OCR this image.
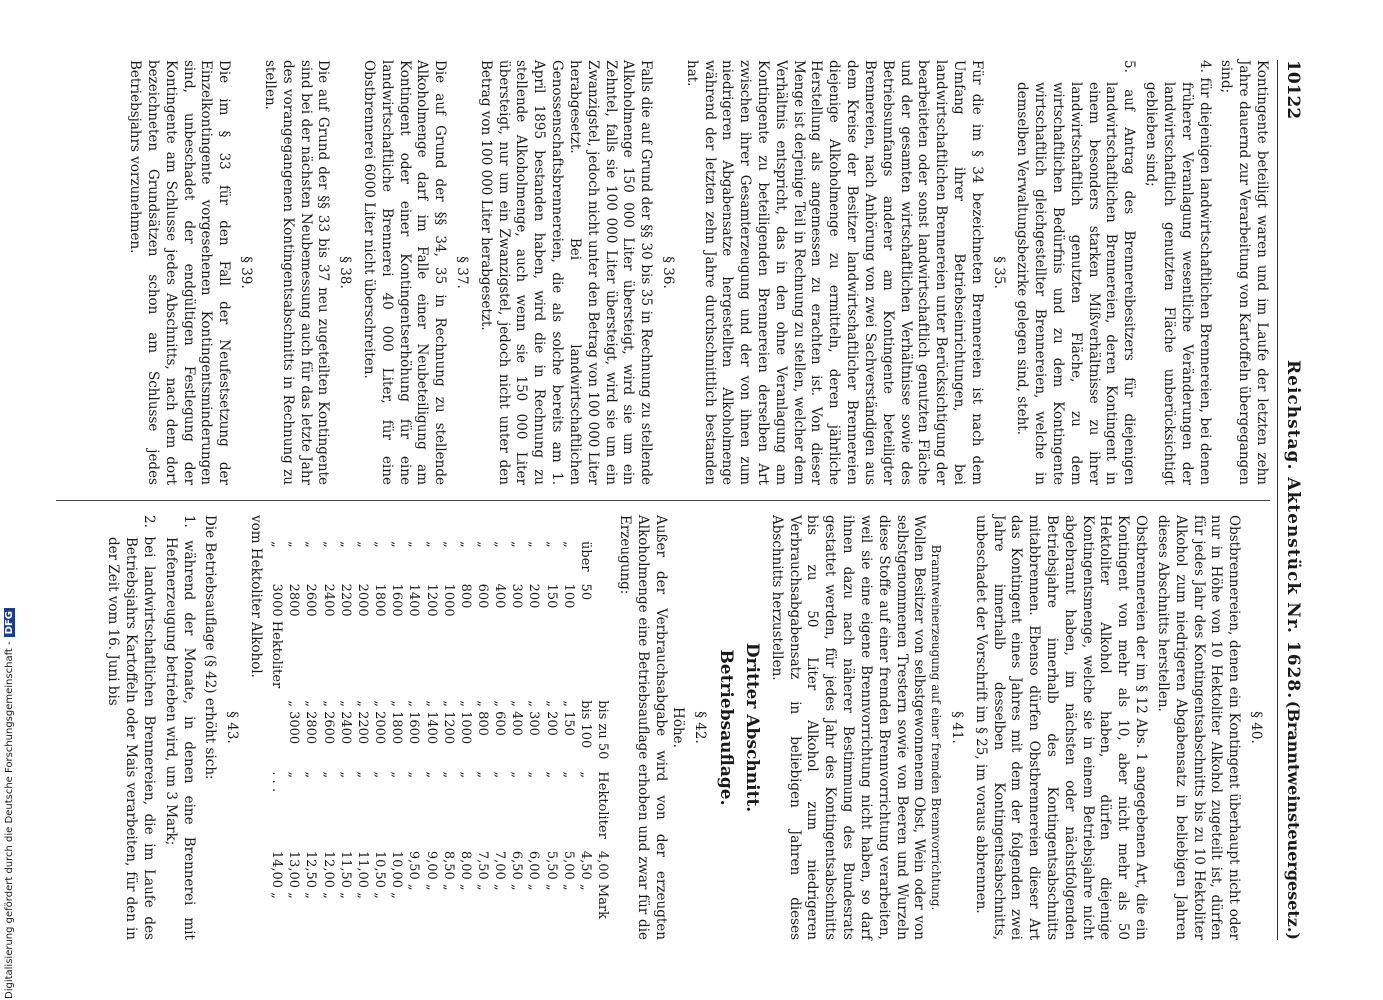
10122
Reichstag. Aktenstück Nr. 1628.
(Branntweinsteuergesetz.)

Kontingente beteiligt waren und im Laufe der letzten zehn Jahre dauernd zur Verarbeitung von Kartoffeln übergegangen sind;

4. für diejenigen landwirtschaftlichen Brennereien, bei denen früherer Veranlagung wesentliche Veränderungen der landwirtschaftlich genutzten Fläche unberücksichtigt geblieben sind;

5. auf Antrag des Brennereibesitzers für diejenigen landwirtschaftlichen Brennereien, deren Kontingent in einem besonders starken Mißverhältnisse zu ihrer landwirtschaftlich genutzten Fläche, zu dem wirtschaftlichen Bedürfnis und zu dem Kontingente wirtschaftlich gleichgestellter Brennereien, welche in demselben Verwaltungsbezirke gelegen sind, steht.

§ 35.

Für die im § 34 bezeichneten Brennereien ist nach dem Umfang ihrer Betriebseinrichtungen, bei landwirtschaftlichen Brennereien unter Berücksichtigung der bearbeiteten oder sonst landwirtschaftlich genutzten Fläche und der gesamten wirtschaftlichen Verhältnisse sowie des Betriebsumfangs anderer am Kontingente beteiligter Brennereien, nach Anhörung von zwei Sachverständigen aus dem Kreise der Besitzer landwirtschaftlicher Brennereien diejenige Alkoholmenge zu ermitteln, deren jährliche Herstellung als angemessen zu erachten ist. Von dieser Menge ist derjenige Teil in Rechnung zu stellen, welcher dem Verhältnis entspricht, das in den ohne Veranlagung am Kontingente zu beteiligenden Brennereien derselben Art zwischen ihrer Gesamterzeugung und der von ihnen zum niedrigeren Abgabensatze hergestellten Alkoholmenge während der letzten zehn Jahre durchschnittlich bestanden hat.

§ 36.

Falls die auf Grund der §§ 30 bis 35 in Rechnung zu stellende Alkoholmenge 150 000 Liter übersteigt, wird sie um ein Zehntel, falls sie 100 000 Liter übersteigt, wird sie um ein Zwanzigstel, jedoch nicht unter den Betrag von 100 000 Liter herabgesetzt. Bei landwirtschaftlichen Genossenschaftsbrennereien, die als solche bereits am 1. April 1895 bestanden haben, wird die in Rechnung zu stellende Alkoholmenge, auch wenn sie 150 000 Liter übersteigt, nur um ein Zwanzigstel, jedoch nicht unter den Betrag von 100 000 Liter herabgesetzt.

§ 37.

Die auf Grund der §§ 34, 35 in Rechnung zu stellende Alkoholmenge darf im Falle einer Neubeteiligung am Kontingent oder einer Kontingentserhöhung für eine landwirtschaftliche Brennerei 40 000 Liter, für eine Obstbrennerei 6000 Liter nicht überschreiten.

§ 38.

Die auf Grund der §§ 33 bis 37 neu zugeteilten Kontingente sind bei der nächsten Neubemessung auch für das letzte Jahr des vorangegangenen Kontingentsabschnitts in Rechnung zu stellen.

§ 39.

Die im § 33 für den Fall der Neufestsetzung der Einzelkontingente vorgesehenen Kontingentsminderungen sind, unbeschadet der endgültigen Festlegung der Kontingente am Schlusse jedes Abschnitts, nach dem dort bezeichneten Grundsätzen schon am Schlusse jedes Betriebsjahrs vorzunehmen.

§ 40.

Obstbrennereien, denen ein Kontingent überhaupt nicht oder nur in Höhe von 10 Hektoliter Alkohol zugeteilt ist, dürfen für jedes Jahr des Kontingentsabschnitts bis zu 10 Hektoliter Alkohol zum niedrigeren Abgabensatz in beliebigen Jahren dieses Abschnitts herstellen.

Obstbrennereien der im § 12 Abs. 1 angegebenen Art, die ein Kontingent von mehr als 10, aber nicht mehr als 50 Hektoliter Alkohol haben, dürfen diejenige Kontingentsmenge, welche sie in einem Betriebsjahre nicht abgebrannt haben, im nächsten oder nächstfolgenden Betriebsjahre innerhalb des Kontingentsabschnitts mitabbrennen. Ebenso dürfen Obstbrennereien dieser Art das Kontingent eines Jahres mit dem der folgenden zwei Jahre innerhalb desselben Kontingentsabschnitts, unbeschadet der Vorschrift im § 25, im voraus abbrennen.

§ 41.
Branntweinerzeugung auf einer fremden Brennvorrichtung.

Wollen Besitzer von selbstgewonnenem Obst, Wein oder von selbstgenommenen Trestern sowie von Beeren und Wurzeln diese Stoffe auf einer fremden Brennvorrichtung verarbeiten, weil sie eine eigene Brennvorrichtung nicht haben, so darf ihnen dazu nach näherer Bestimmung des Bundesrats gestattet werden, für jedes Jahr des Kontingentsabschnitts bis zu 50 Liter Alkohol zum niedrigeren Verbrauchsabgabensatz in beliebigen Jahren dieses Abschnitts herzustellen.

Dritter Abschnitt.
Betriebsauflage.
§ 42.
Höhe.

Außer der Verbrauchsabgabe wird von der erzeugten Alkoholmenge eine Betriebsauflage erhoben und zwar für die Erzeugung:

		bis zu 50	Hektoliter	4,00 Mark
über	50	bis 100	„	4,50 „
„	100	„ 150	„	5,00 „
„	150	„ 200	„	5,50 „
„	200	„ 300	„	6,00 „
„	300	„ 400	„	6,50 „
„	400	„ 600	„	7,00 „
„	600	„ 800	„	7,50 „
„	800	„ 1000	„	8,00 „
„	1000	„ 1200	„	8,50 „
„	1200	„ 1400	„	9,00 „
„	1400	„ 1600	„	9,50 „
„	1600	„ 1800	„	10,00 „
„	1800	„ 2000	„	10,50 „
„	2000	„ 2200	„	11,00 „
„	2200	„ 2400	„	11,50 „
„	2400	„ 2600	„	12,00 „
„	2600	„ 2800	„	12,50 „
„	2800	„ 3000	„	13,00 „
„	3000 Hektoliter		. . .	14,00 „

vom Hektoliter Alkohol.

§ 43.

Die Betriebsauflage (§ 42) erhöht sich:

1. während der Monate, in denen eine Brennerei mit Hefenerzeugung betrieben wird, um 3 Mark;

2. bei landwirtschaftlichen Brennereien, die im Laufe des Betriebsjahrs Kartoffeln oder Mais verarbeiten, für den in der Zeit vom 16. Juni bis

Digitalisierung gefördert durch die Deutsche Forschungsgemeinschaft -DFG
